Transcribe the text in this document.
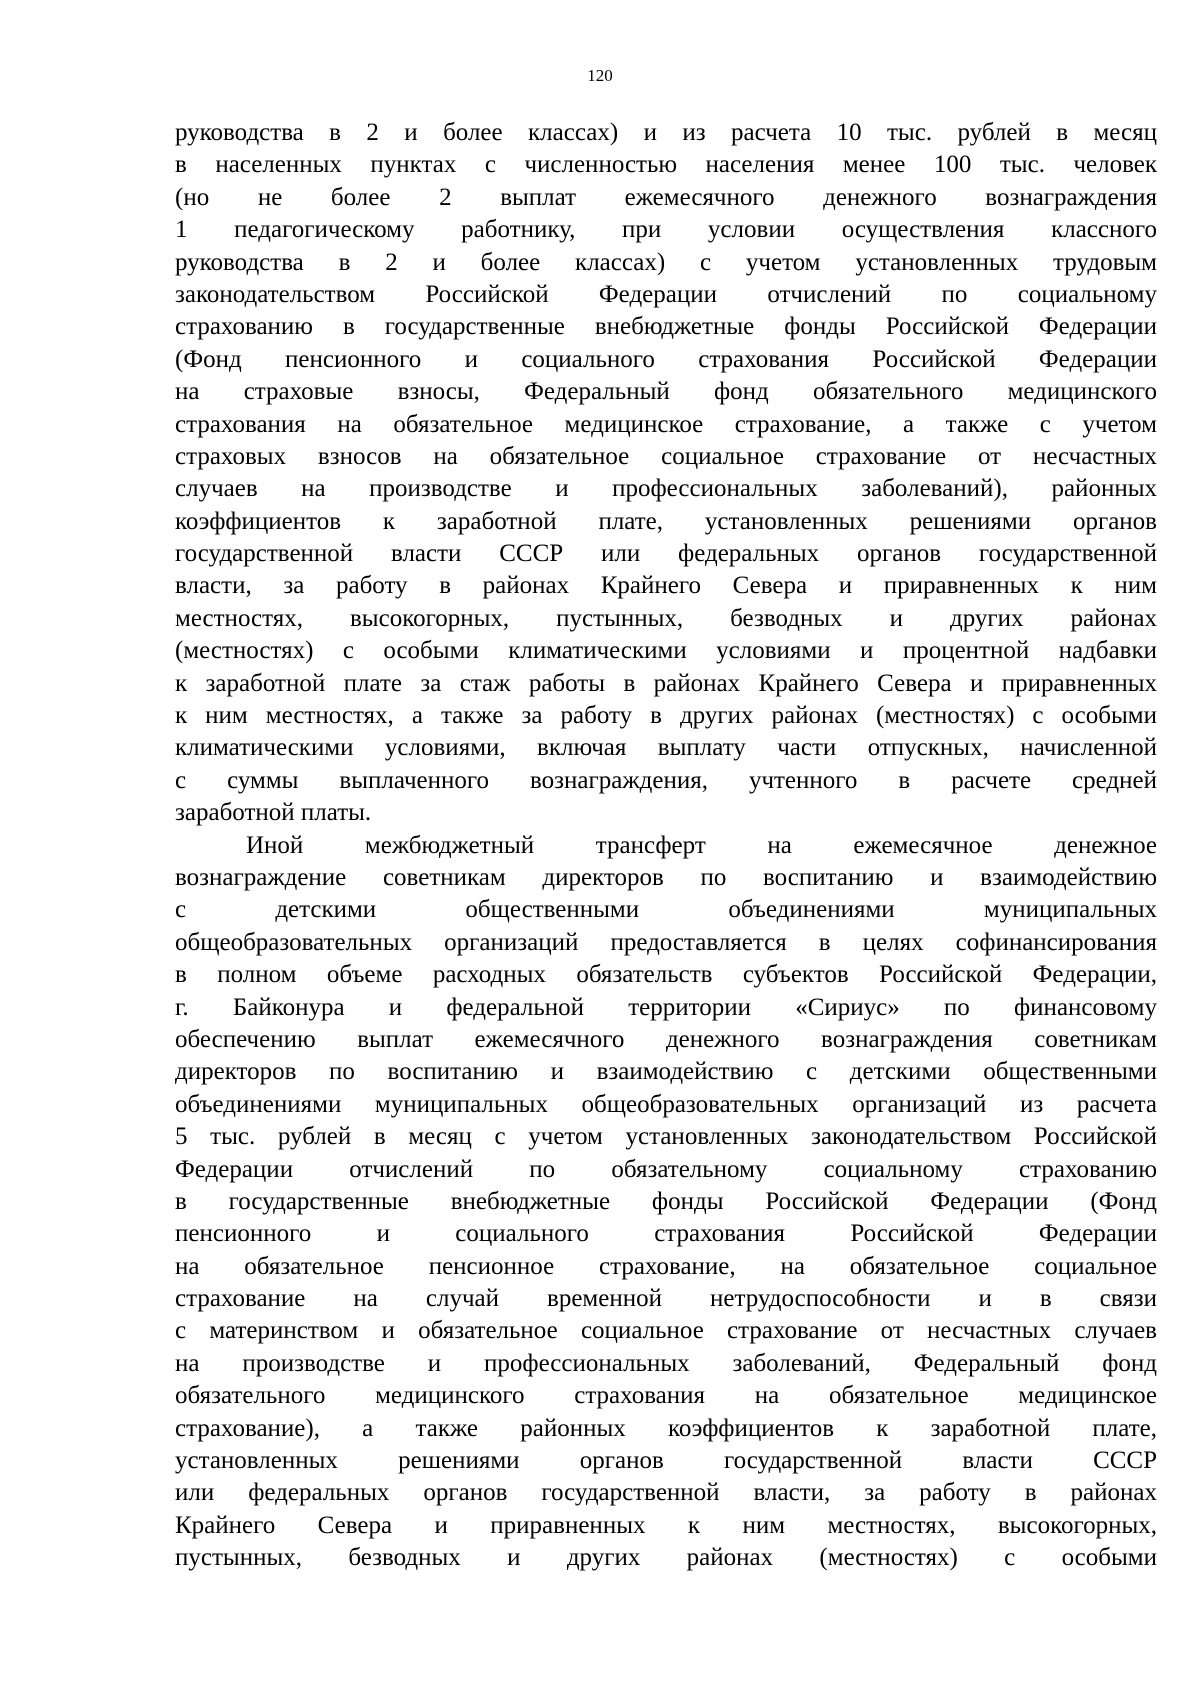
120
руководства в 2 и более классах) и из расчета 10 тыс. рублей в месяц
в населенных пунктах с численностью населения менее 100 тыс. человек
(но не более 2 выплат ежемесячного денежного вознаграждения
1 педагогическому работнику, при условии осуществления классного
руководства в 2 и более классах) с учетом установленных трудовым
законодательством Российской Федерации отчислений по социальному
страхованию в государственные внебюджетные фонды Российской Федерации
(Фонд пенсионного и социального страхования Российской Федерации
на страховые взносы, Федеральный фонд обязательного медицинского
страхования на обязательное медицинское страхование, а также с учетом
страховых взносов на обязательное социальное страхование от несчастных
случаев на производстве и профессиональных заболеваний), районных
коэффициентов к заработной плате, установленных решениями органов
государственной власти СССР или федеральных органов государственной
власти, за работу в районах Крайнего Севера и приравненных к ним
местностях, высокогорных, пустынных, безводных и других районах
(местностях) с особыми климатическими условиями и процентной надбавки
к заработной плате за стаж работы в районах Крайнего Севера и приравненных
к ним местностях, а также за работу в других районах (местностях) с особыми
климатическими условиями, включая выплату части отпускных, начисленной
с суммы выплаченного вознаграждения, учтенного в расчете средней
заработной платы.
Иной межбюджетный трансферт на ежемесячное денежное
вознаграждение советникам директоров по воспитанию и взаимодействию
с детскими общественными объединениями муниципальных
общеобразовательных организаций предоставляется в целях софинансирования
в полном объеме расходных обязательств субъектов Российской Федерации,
г. Байконура и федеральной территории «Сириус» по финансовому
обеспечению выплат ежемесячного денежного вознаграждения советникам
директоров по воспитанию и взаимодействию с детскими общественными
объединениями муниципальных общеобразовательных организаций из расчета
5 тыс. рублей в месяц с учетом установленных законодательством Российской
Федерации отчислений по обязательному социальному страхованию
в государственные внебюджетные фонды Российской Федерации (Фонд
пенсионного и социального страхования Российской Федерации
на обязательное пенсионное страхование, на обязательное социальное
страхование на случай временной нетрудоспособности и в связи
с материнством и обязательное социальное страхование от несчастных случаев
на производстве и профессиональных заболеваний, Федеральный фонд
обязательного медицинского страхования на обязательное медицинское
страхование), а также районных коэффициентов к заработной плате,
установленных решениями органов государственной власти СССР
или федеральных органов государственной власти, за работу в районах
Крайнего Севера и приравненных к ним местностях, высокогорных,
пустынных, безводных и других районах (местностях) с особыми
